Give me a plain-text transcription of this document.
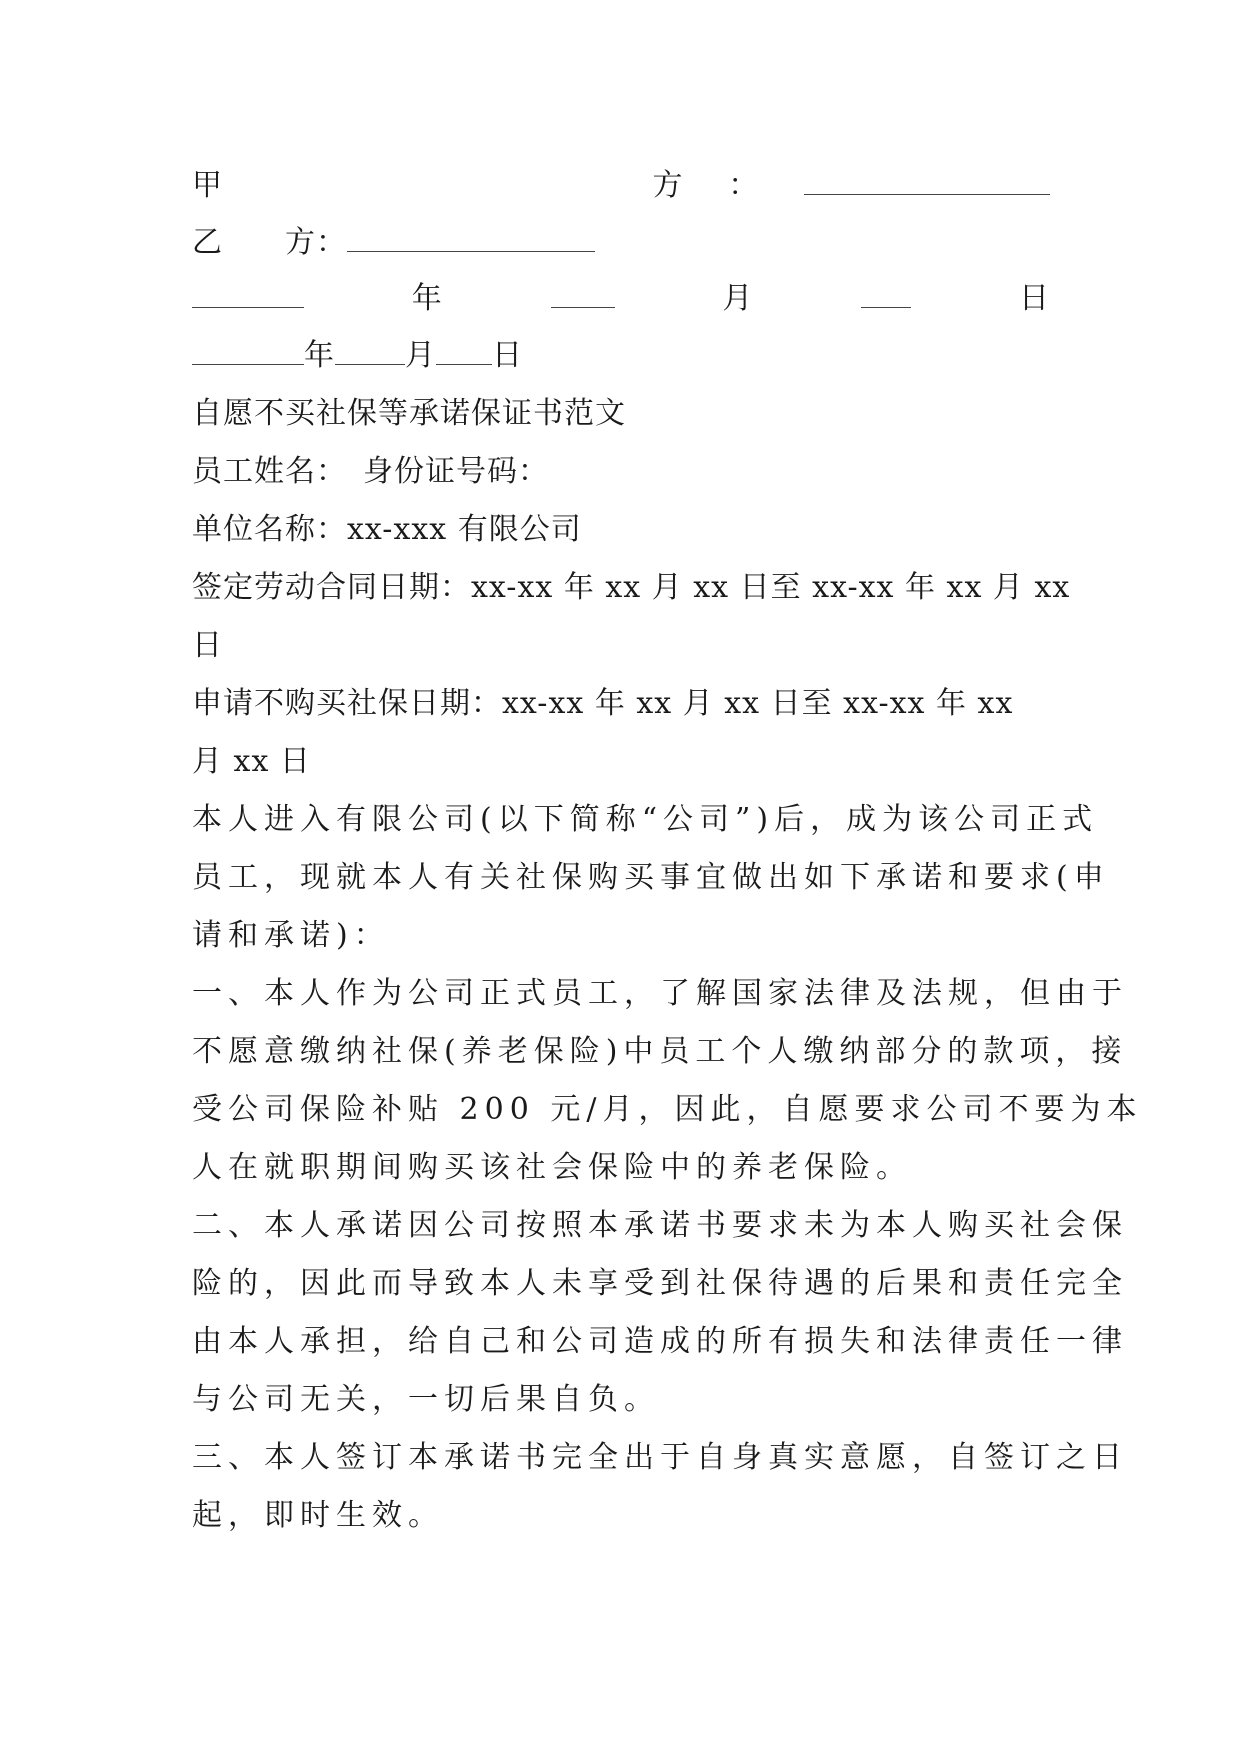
甲	方 ：
乙　　方：
年	月	日
年 月 日
自愿不买社保等承诺保证书范文
员工姓名：　身份证号码：
单位名称：xx-xxx 有限公司
签定劳动合同日期：xx-xx 年 xx 月 xx 日至 xx-xx 年 xx 月 xx
日
申请不购买社保日期：xx-xx 年 xx 月 xx 日至 xx-xx 年 xx
月 xx 日
本人进入有限公司(以下简称“公司”)后，成为该公司正式
员工，现就本人有关社保购买事宜做出如下承诺和要求(申
请和承诺)：
一、本人作为公司正式员工，了解国家法律及法规，但由于
不愿意缴纳社保(养老保险)中员工个人缴纳部分的款项，接
受公司保险补贴 200 元/月，因此，自愿要求公司不要为本
人在就职期间购买该社会保险中的养老保险。
二、本人承诺因公司按照本承诺书要求未为本人购买社会保
险的，因此而导致本人未享受到社保待遇的后果和责任完全
由本人承担，给自己和公司造成的所有损失和法律责任一律
与公司无关，一切后果自负。
三、本人签订本承诺书完全出于自身真实意愿，自签订之日
起，即时生效。
